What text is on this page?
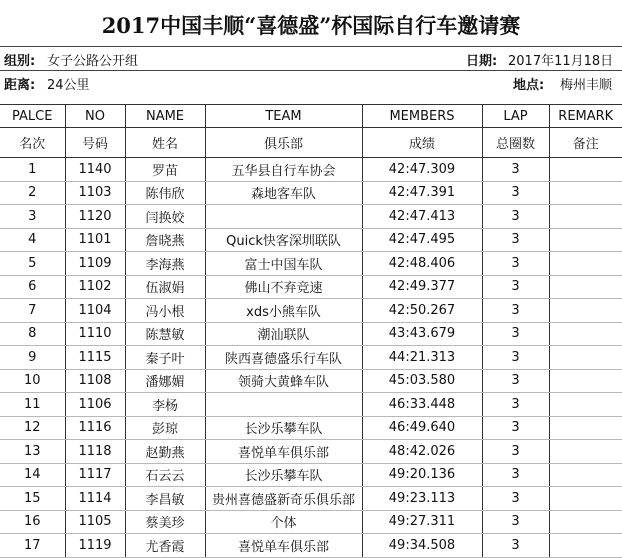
2017中国丰顺“喜德盛”杯国际自行车邀请赛
组别: 女子公路公开组	日期: 2017年11月18日
距离: 24公里	地点: 梅州丰顺
PALCE	NO	NAME	TEAM	MEMBERS	LAP	REMARK
名次	号码	姓名	俱乐部	成绩	总圈数	备注
1	1140	罗苗	五华县自行车协会	42:47.309	3	
2	1103	陈伟欣	森地客车队	42:47.391	3	
3	1120	闫换姣		42:47.413	3	
4	1101	詹晓燕	Quick快客深圳联队	42:47.495	3	
5	1109	李海燕	富士中国车队	42:48.406	3	
6	1102	伍淑娟	佛山不弃竞速	42:49.377	3	
7	1104	冯小根	xds小熊车队	42:50.267	3	
8	1110	陈慧敏	潮汕联队	43:43.679	3	
9	1115	秦子叶	陕西喜德盛乐行车队	44:21.313	3	
10	1108	潘娜媚	领骑大黄蜂车队	45:03.580	3	
11	1106	李杨		46:33.448	3	
12	1116	彭琼	长沙乐攀车队	46:49.640	3	
13	1118	赵勤燕	喜悦单车俱乐部	48:42.026	3	
14	1117	石云云	长沙乐攀车队	49:20.136	3	
15	1114	李昌敏	贵州喜德盛新奇乐俱乐部	49:23.113	3	
16	1105	蔡美珍	个体	49:27.311	3	
17	1119	尤香霞	喜悦单车俱乐部	49:34.508	3	
